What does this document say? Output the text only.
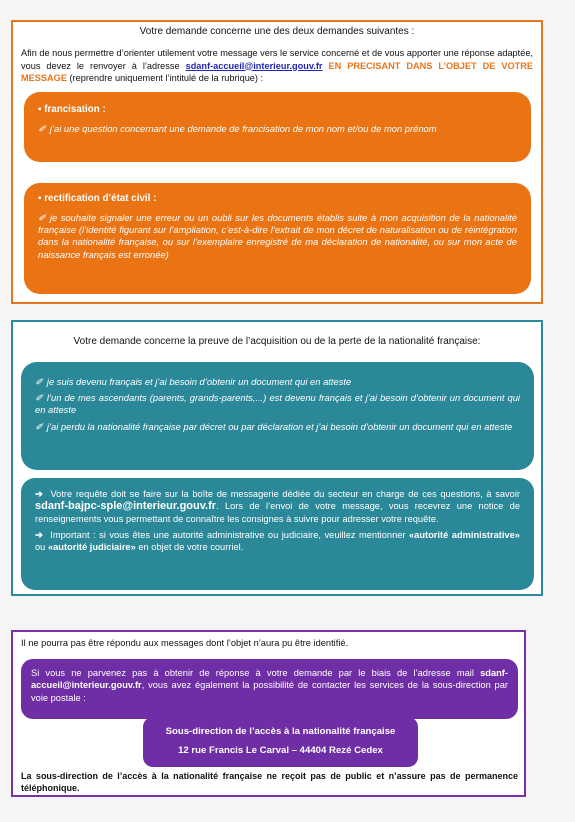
Votre demande concerne une des deux demandes suivantes :
Afin de nous permettre d’orienter utilement votre message vers le service concerné et de vous apporter une réponse adaptée, vous devez le renvoyer à l’adresse sdanf-accueil@interieur.gouv.fr EN PRECISANT DANS L’OBJET DE VOTRE MESSAGE (reprendre uniquement l’intitulé de la rubrique) :
▪ francisation :
✐ j’ai une question concernant une demande de francisation de mon nom et/ou de mon prénom
▪ rectification d’état civil :
✐ je souhaite signaler une erreur ou un oubli sur les documents établis suite à mon acquisition de la nationalité française (l’identité figurant sur l’ampliation, c’est-à-dire l’extrait de mon décret de naturalisation ou de réintégration dans la nationalité française, ou sur l’exemplaire enregistré de ma déclaration de nationalité, ou sur mon acte de naissance français est erronée)
Votre demande concerne la preuve de l’acquisition ou de la perte de la nationalité française:
✐ je suis devenu français et j’ai besoin d’obtenir un document qui en atteste
✐ l’un de mes ascendants (parents, grands-parents,...) est devenu français et j’ai besoin d’obtenir un document qui en atteste
✐ j’ai perdu la nationalité française par décret ou par déclaration et j’ai besoin d’obtenir un document qui en atteste
➔ Votre requête doit se faire sur la boîte de messagerie dédiée du secteur en charge de ces questions, à savoir sdanf-bajpc-sple@interieur.gouv.fr. Lors de l’envoi de votre message, vous recevrez une notice de renseignements vous permettant de connaître les consignes à suivre pour adresser votre requête.
➔ Important : si vous êtes une autorité administrative ou judiciaire, veuillez mentionner «autorité administrative» ou «autorité judiciaire» en objet de votre courriel.
Il ne pourra pas être répondu aux messages dont l’objet n’aura pu être identifié.
Si vous ne parvenez pas à obtenir de réponse à votre demande par le biais de l’adresse mail sdanf-accueil@interieur.gouv.fr, vous avez également la possibilité de contacter les services de la sous-direction par voie postale :
Sous-direction de l’accès à la nationalité française
12 rue Francis Le Carval – 44404 Rezé Cedex
La sous-direction de l’accès à la nationalité française ne reçoit pas de public et n’assure pas de permanence téléphonique.
